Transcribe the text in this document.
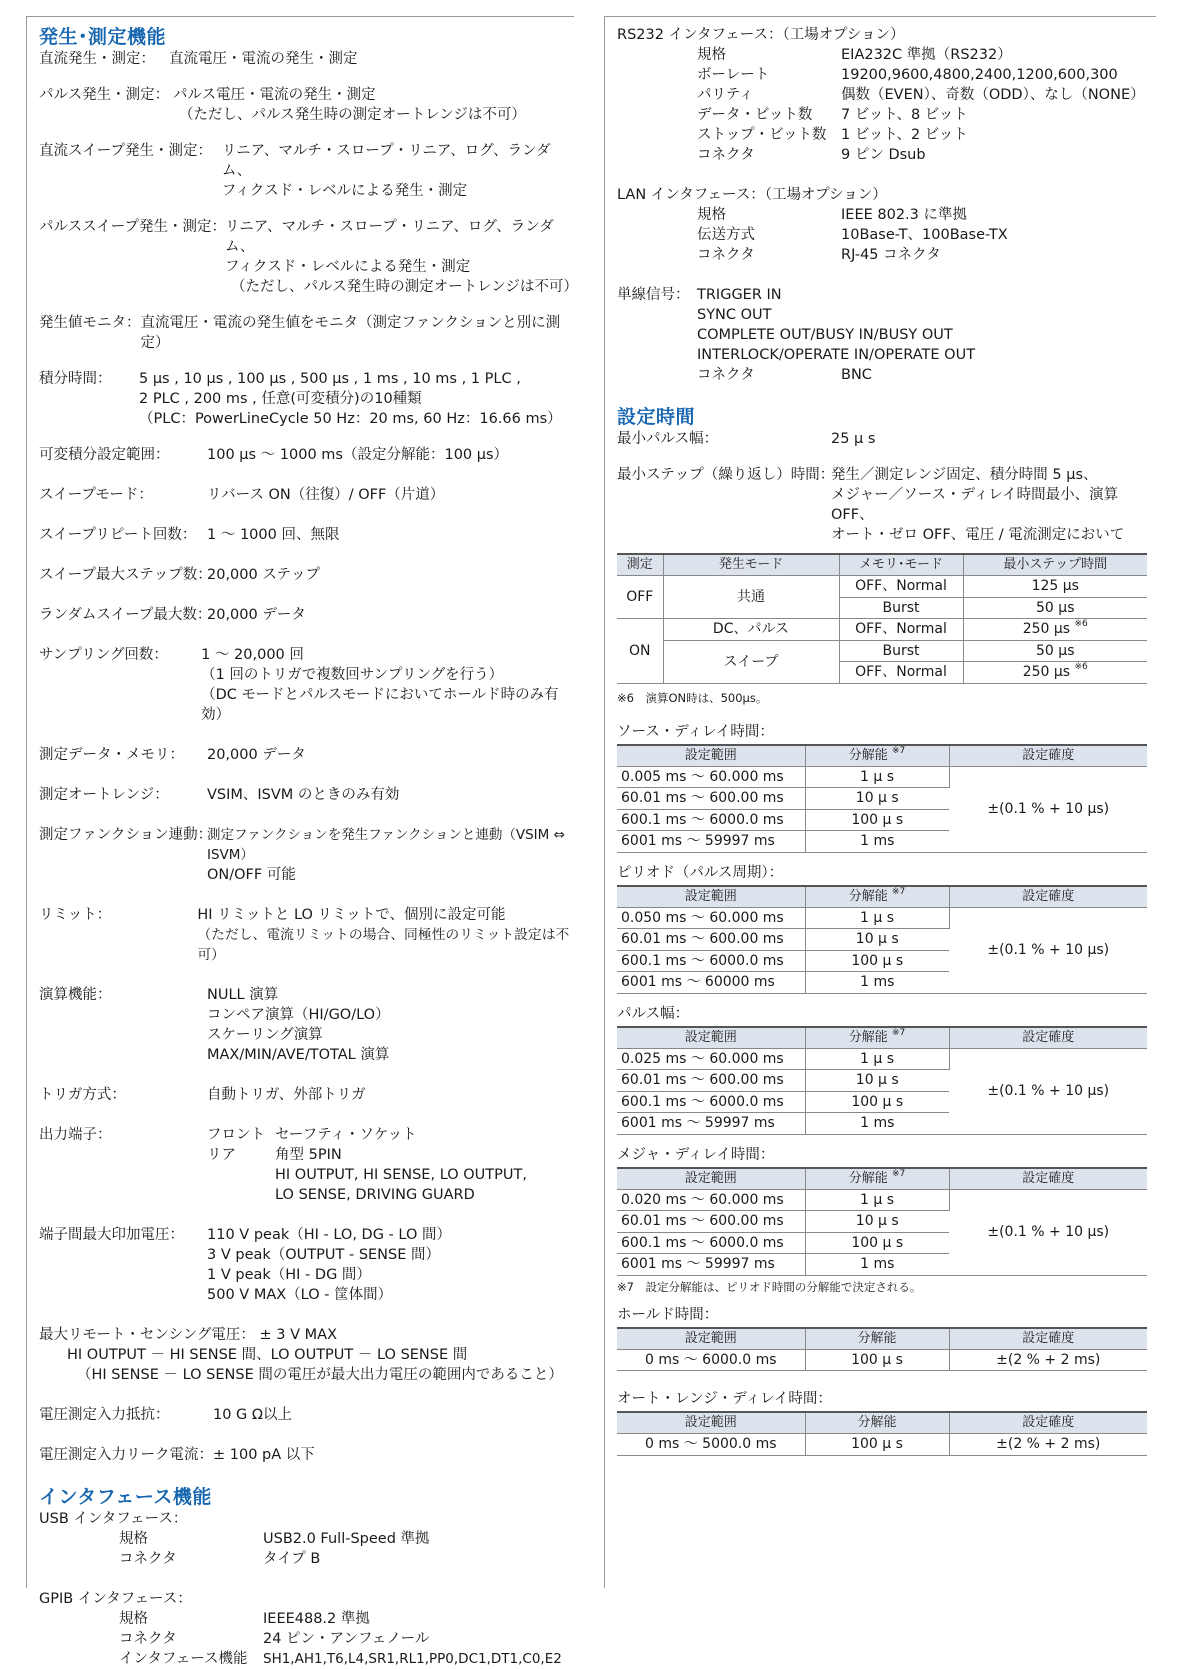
発生･測定機能
直流発生・測定： 直流電圧・電流の発生・測定
パルス発生・測定： パルス電圧・電流の発生・測定
（ただし、パルス発生時の測定オートレンジは不可）
直流スイープ発生・測定： リニア、マルチ・スロープ・リニア、ログ、ランダム、
フィクスド・レベルによる発生・測定
パルススイープ発生・測定：
リニア、マルチ・スロープ・リニア、ログ、ランダム、
フィクスド・レベルによる発生・測定
（ただし、パルス発生時の測定オートレンジは不可）
発生値モニタ： 直流電圧・電流の発生値をモニタ（測定ファンクションと別に測定）
積分時間：	5 µs , 10 µs , 100 µs , 500 µs , 1 ms , 10 ms , 1 PLC ,
2 PLC , 200 ms , 任意(可変積分)の10種類
（PLC：PowerLineCycle 50 Hz：20 ms, 60 Hz：16.66 ms）
可変積分設定範囲：	100 µs ～ 1000 ms（設定分解能：100 µs）
スイープモード：	リバース ON（往復）/ OFF（片道）
スイープリピート回数： 1 ～ 1000 回、無限
スイープ最大ステップ数：
20,000 ステップ
ランダムスイープ最大数：
20,000 データ
サンプリング回数：	1 ～ 20,000 回
（1 回のトリガで複数回サンプリングを行う）
（DC モードとパルスモードにおいてホールド時のみ有効）
測定データ・メモリ：	20,000 データ
測定オートレンジ：	VSIM、ISVM のときのみ有効
測定ファンクション連動：
測定ファンクションを発生ファンクションと連動（VSIM ⇔ ISVM）
ON/OFF 可能
リミット：	HI リミットと LO リミットで、個別に設定可能
（ただし、電流リミットの場合、同極性のリミット設定は不可）
演算機能：	NULL 演算
コンペア演算（HI/GO/LO）
スケーリング演算
MAX/MIN/AVE/TOTAL 演算
トリガ方式：	自動トリガ、外部トリガ
出力端子：	フロント セーフティ・ソケット
リア	角型 5PIN
HI OUTPUT, HI SENSE, LO OUTPUT,
LO SENSE, DRIVING GUARD
端子間最大印加電圧：	110 V peak（HI - LO, DG - LO 間）
3 V peak（OUTPUT - SENSE 間）
1 V peak（HI - DG 間）
500 V MAX（LO - 筐体間）
最大リモート・センシング電圧： ± 3 V MAX
HI OUTPUT － HI SENSE 間、LO OUTPUT － LO SENSE 間
（HI SENSE － LO SENSE 間の電圧が最大出力電圧の範囲内であること）
電圧測定入力抵抗：	10 G Ω以上
電圧測定入力リーク電流： ± 100 pA 以下
インタフェース機能
USB インタフェース：
規格	USB2.0 Full-Speed 準拠
コネクタ	タイプ B
GPIB インタフェース：
規格	IEEE488.2 準拠
コネクタ	24 ピン・アンフェノール
インタフェース機能	SH1,AH1,T6,L4,SR1,RL1,PP0,DC1,DT1,C0,E2
RS232 インタフェース：（工場オプション）
規格	EIA232C 準拠（RS232）
ボーレート	19200,9600,4800,2400,1200,600,300
パリティ	偶数（EVEN）、奇数（ODD）、なし（NONE）
データ・ビット数	7 ビット、8 ビット
ストップ・ビット数	1 ビット、2 ビット
コネクタ	9 ピン Dsub
LAN インタフェース：（工場オプション）
規格	IEEE 802.3 に準拠
伝送方式	10Base-T、100Base-TX
コネクタ	RJ-45 コネクタ
単線信号： TRIGGER IN
SYNC OUT
COMPLETE OUT/BUSY IN/BUSY OUT
INTERLOCK/OPERATE IN/OPERATE OUT
コネクタ	BNC
設定時間
最小パルス幅：	25 µ s
最小ステップ（繰り返し）時間：
発生／測定レンジ固定、積分時間 5 µs、
メジャー／ソース・ディレイ時間最小、演算 OFF、
オート・ゼロ OFF、電圧 / 電流測定において
測定	発生モード	メモリ･モード	最小ステップ時間
OFF	共通	OFF、Normal	125 µs
		Burst	50 µs
ON	DC、パルス	OFF、Normal	250 µs $^{※6}$
	スイープ	Burst	50 µs
		OFF、Normal	250 µs $^{※6}$
※6　演算ON時は、500µs。
ソース・ディレイ時間：
設定範囲	分解能 $^{※7}$	設定確度
0.005 ms ～ 60.000 ms	1 µ s	±(0.1 % + 10 µs)
60.01 ms ～ 600.00 ms	10 µ s	
600.1 ms ～ 6000.0 ms	100 µ s	
6001 ms ～ 59997 ms	1 ms	
ピリオド（パルス周期）：
設定範囲	分解能 $^{※7}$	設定確度
0.050 ms ～ 60.000 ms	1 µ s	±(0.1 % + 10 µs)
60.01 ms ～ 600.00 ms	10 µ s	
600.1 ms ～ 6000.0 ms	100 µ s	
6001 ms ～ 60000 ms	1 ms	
パルス幅：
設定範囲	分解能 $^{※7}$	設定確度
0.025 ms ～ 60.000 ms	1 µ s	±(0.1 % + 10 µs)
60.01 ms ～ 600.00 ms	10 µ s	
600.1 ms ～ 6000.0 ms	100 µ s	
6001 ms ～ 59997 ms	1 ms	
メジャ・ディレイ時間：
設定範囲	分解能 $^{※7}$	設定確度
0.020 ms ～ 60.000 ms	1 µ s	±(0.1 % + 10 µs)
60.01 ms ～ 600.00 ms	10 µ s	
600.1 ms ～ 6000.0 ms	100 µ s	
6001 ms ～ 59997 ms	1 ms	
※7　設定分解能は、ピリオド時間の分解能で決定される。
ホールド時間：
設定範囲	分解能	設定確度
0 ms ～ 6000.0 ms	100 µ s	±(2 % + 2 ms)
オート・レンジ・ディレイ時間：
設定範囲	分解能	設定確度
0 ms ～ 5000.0 ms	100 µ s	±(2 % + 2 ms)
